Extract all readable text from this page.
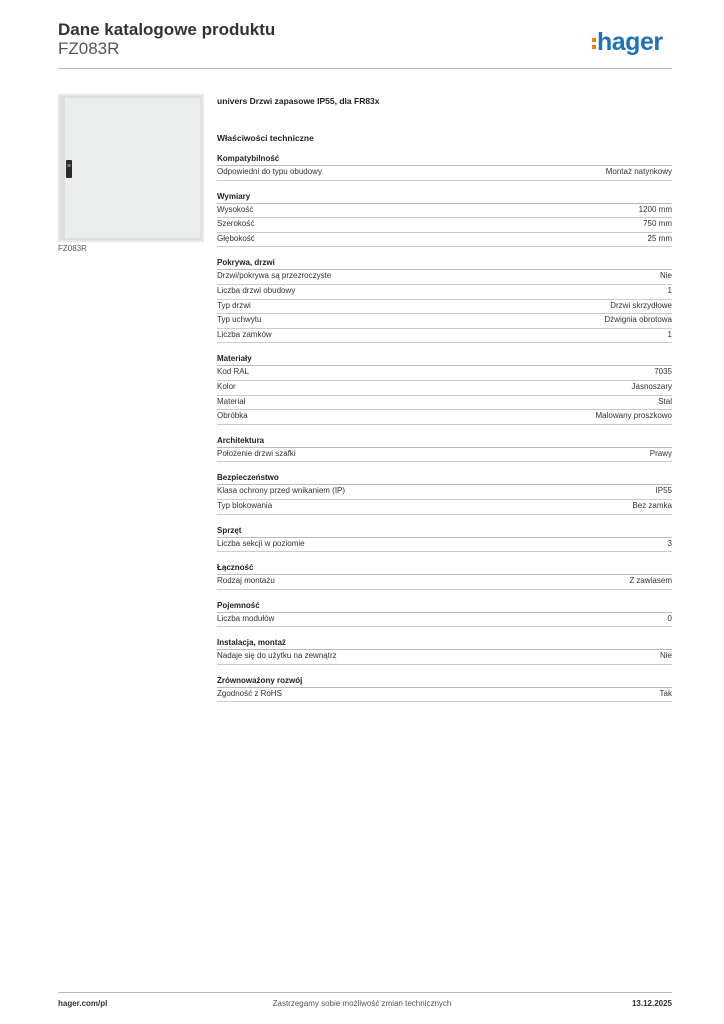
Dane katalogowe produktu
FZ083R	hager
FZ083R
univers Drzwi zapasowe IP55, dla FR83x
Właściwości techniczne
Kompatybilność
Odpowiedni do typu obudowy	Montaż natynkowy
Wymiary
Wysokość	1200 mm
Szerokość	750 mm
Głębokość	25 mm
Pokrywa, drzwi
Drzwi/pokrywa są przezroczyste	Nie
Liczba drzwi obudowy	1
Typ drzwi	Drzwi skrzydłowe
Typ uchwytu	Dźwignia obrotowa
Liczba zamków	1
Materiały
Kod RAL	7035
Kolor	Jasnoszary
Materiał	Stal
Obróbka	Malowany proszkowo
Architektura
Położenie drzwi szafki	Prawy
Bezpieczeństwo
Klasa ochrony przed wnikaniem (IP)	IP55
Typ blokowania	Bez zamka
Sprzęt
Liczba sekcji w poziomie	3
Łączność
Rodzaj montażu	Z zawiasem
Pojemność
Liczba modułów	0
Instalacja, montaż
Nadaje się do użytku na zewnątrz	Nie
Zrównoważony rozwój
Zgodność z RoHS	Tak
hager.com/pl	Zastrzegamy sobie możliwość zmian technicznych	13.12.2025
